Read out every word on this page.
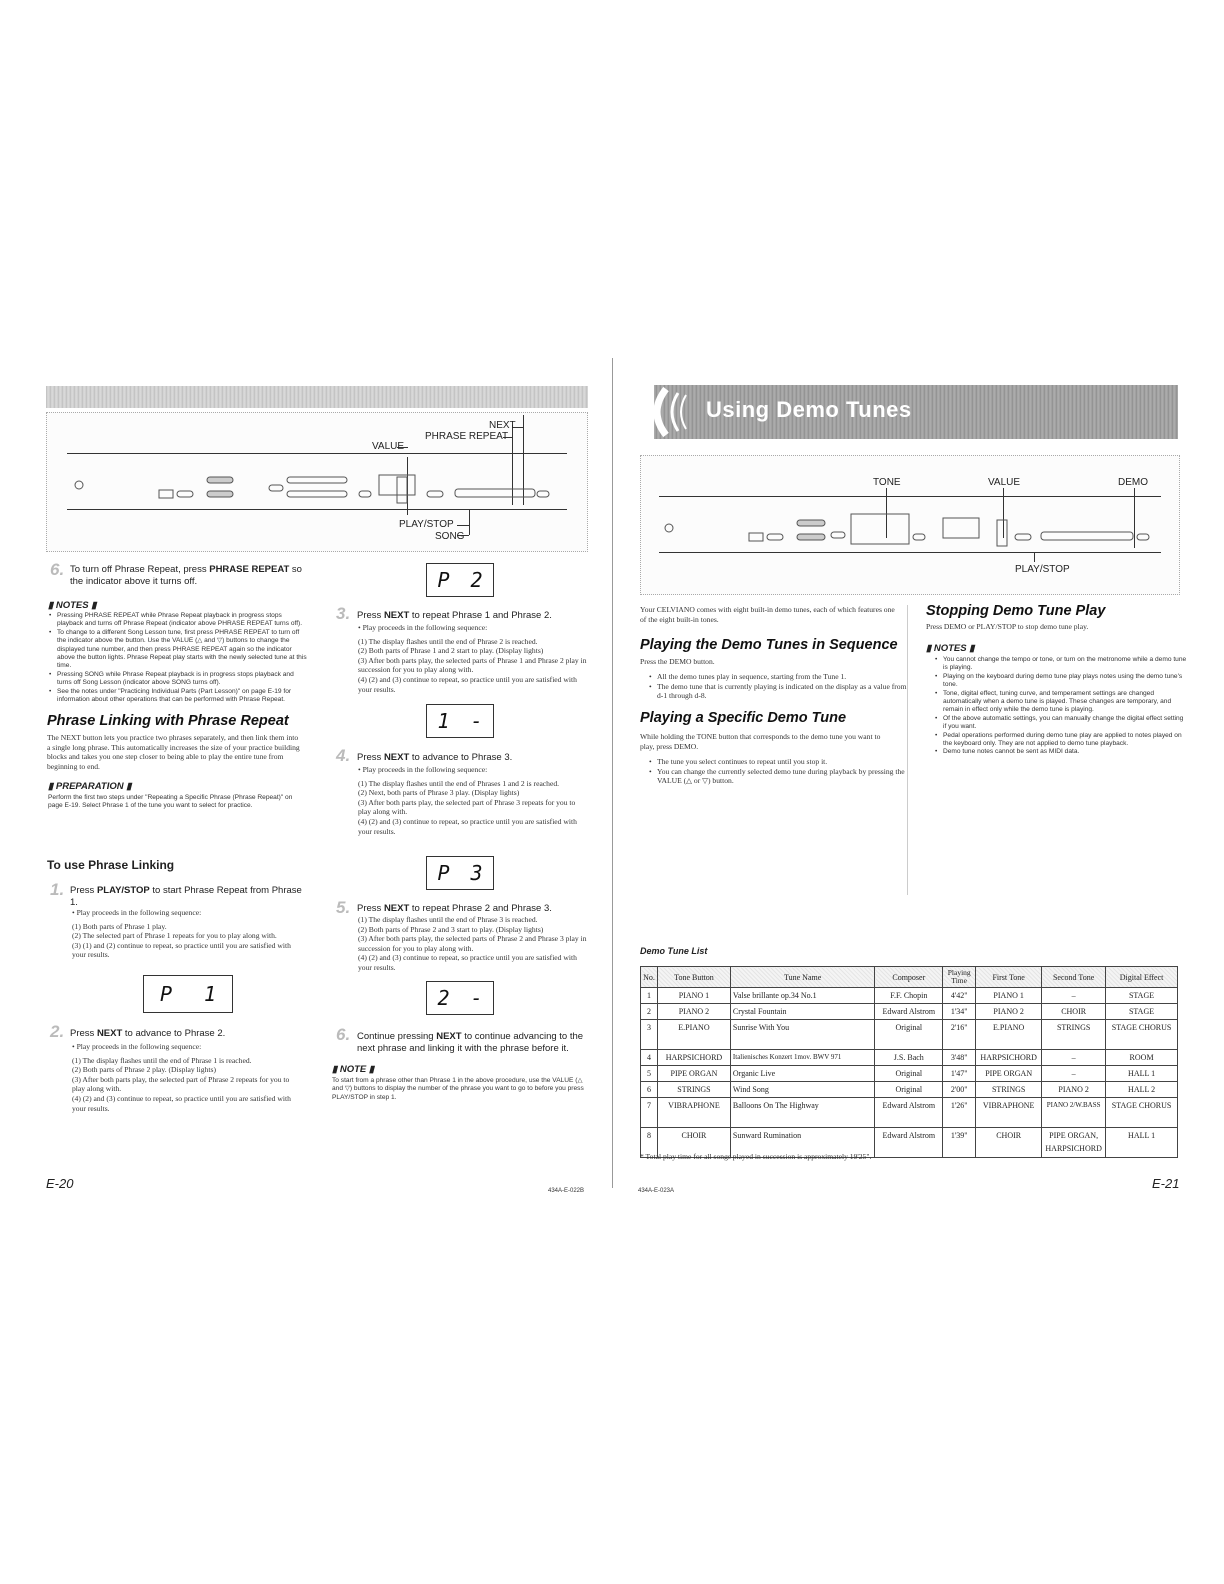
NEXT
PHRASE REPEAT
VALUE
PLAY/STOP
SONG
6. To turn off Phrase Repeat, press PHRASE REPEAT so the indicator above it turns off.
▮ NOTES ▮
• Pressing PHRASE REPEAT while Phrase Repeat playback in progress stops playback and turns off Phrase Repeat (indicator above PHRASE REPEAT turns off).
• To change to a different Song Lesson tune, first press PHRASE REPEAT to turn off the indicator above the button. Use the VALUE (△ and ▽) buttons to change the displayed tune number, and then press PHRASE REPEAT again so the indicator above the button lights. Phrase Repeat play starts with the newly selected tune at this time.
• Pressing SONG while Phrase Repeat playback is in progress stops playback and turns off Song Lesson (indicator above SONG turns off).
• See the notes under "Practicing Individual Parts (Part Lesson)" on page E-19 for information about other operations that can be performed with Phrase Repeat.
Phrase Linking with Phrase Repeat
The NEXT button lets you practice two phrases separately, and then link them into a single long phrase. This automatically increases the size of your practice building blocks and takes you one step closer to being able to play the entire tune from beginning to end.
▮ PREPARATION ▮
Perform the first two steps under "Repeating a Specific Phrase (Phrase Repeat)" on page E-19. Select Phrase 1 of the tune you want to select for practice.
To use Phrase Linking
1. Press PLAY/STOP to start Phrase Repeat from Phrase 1.
• Play proceeds in the following sequence:
(1) Both parts of Phrase 1 play.
(2) The selected part of Phrase 1 repeats for you to play along with.
(3) (1) and (2) continue to repeat, so practice until you are satisfied with your results.
P 1
2. Press NEXT to advance to Phrase 2.
• Play proceeds in the following sequence:
(1) The display flashes until the end of Phrase 1 is reached.
(2) Both parts of Phrase 2 play. (Display lights)
(3) After both parts play, the selected part of Phrase 2 repeats for you to play along with.
(4) (2) and (3) continue to repeat, so practice until you are satisfied with your results.
E-20	434A-E-022B
P 2
3. Press NEXT to repeat Phrase 1 and Phrase 2.
• Play proceeds in the following sequence:
(1) The display flashes until the end of Phrase 2 is reached.
(2) Both parts of Phrase 1 and 2 start to play. (Display lights)
(3) After both parts play, the selected parts of Phrase 1 and Phrase 2 play in succession for you to play along with.
(4) (2) and (3) continue to repeat, so practice until you are satisfied with your results.
1 -
4. Press NEXT to advance to Phrase 3.
• Play proceeds in the following sequence:
(1) The display flashes until the end of Phrases 1 and 2 is reached.
(2) Next, both parts of Phrase 3 play. (Display lights)
(3) After both parts play, the selected part of Phrase 3 repeats for you to play along with.
(4) (2) and (3) continue to repeat, so practice until you are satisfied with your results.
P 3
5. Press NEXT to repeat Phrase 2 and Phrase 3.
(1) The display flashes until the end of Phrase 3 is reached.
(2) Both parts of Phrase 2 and 3 start to play. (Display lights)
(3) After both parts play, the selected parts of Phrase 2 and Phrase 3 play in succession for you to play along with.
(4) (2) and (3) continue to repeat, so practice until you are satisfied with your results.
2 -
6. Continue pressing NEXT to continue advancing to the next phrase and linking it with the phrase before it.
▮ NOTE ▮
To start from a phrase other than Phrase 1 in the above procedure, use the VALUE (△ and ▽) buttons to display the number of the phrase you want to go to before you press PLAY/STOP in step 1.
Using Demo Tunes
TONE	VALUE	DEMO
PLAY/STOP
Your CELVIANO comes with eight built-in demo tunes, each of which features one of the eight built-in tones.
Playing the Demo Tunes in Sequence
Press the DEMO button.
• All the demo tunes play in sequence, starting from the Tune 1.
• The demo tune that is currently playing is indicated on the display as a value from d-1 through d-8.
Playing a Specific Demo Tune
While holding the TONE button that corresponds to the demo tune you want to play, press DEMO.
• The tune you select continues to repeat until you stop it.
• You can change the currently selected demo tune during playback by pressing the VALUE (△ or ▽) button.
Stopping Demo Tune Play
Press DEMO or PLAY/STOP to stop demo tune play.
▮ NOTES ▮
• You cannot change the tempo or tone, or turn on the metronome while a demo tune is playing.
• Playing on the keyboard during demo tune play plays notes using the demo tune's tone.
• Tone, digital effect, tuning curve, and temperament settings are changed automatically when a demo tune is played. These changes are temporary, and remain in effect only while the demo tune is playing.
• Of the above automatic settings, you can manually change the digital effect setting if you want.
• Pedal operations performed during demo tune play are applied to notes played on the keyboard only. They are not applied to demo tune playback.
• Demo tune notes cannot be sent as MIDI data.
Demo Tune List
No.	Tone Button	Tune Name	Composer	Playing Time	First Tone	Second Tone	Digital Effect
1	PIANO 1	Valse brillante op.34 No.1	F.F. Chopin	4'42"	PIANO 1	–	STAGE
2	PIANO 2	Crystal Fountain	Edward Alstrom	1'34"	PIANO 2	CHOIR	STAGE
3	E.PIANO	Sunrise With You	Original	2'16"	E.PIANO	STRINGS	STAGE CHORUS
4	HARPSICHORD	Italienisches Konzert 1mov. BWV 971	J.S. Bach	3'48"	HARPSICHORD	–	ROOM
5	PIPE ORGAN	Organic Live	Original	1'47"	PIPE ORGAN	–	HALL 1
6	STRINGS	Wind Song	Original	2'00"	STRINGS	PIANO 2	HALL 2
7	VIBRAPHONE	Balloons On The Highway	Edward Alstrom	1'26"	VIBRAPHONE	PIANO 2/W.BASS	STAGE CHORUS
8	CHOIR	Sunward Rumination	Edward Alstrom	1'39"	CHOIR	PIPE ORGAN, HARPSICHORD	HALL 1
* Total play time for all songs played in succession is approximately 19'25".
434A-E-023A	E-21
